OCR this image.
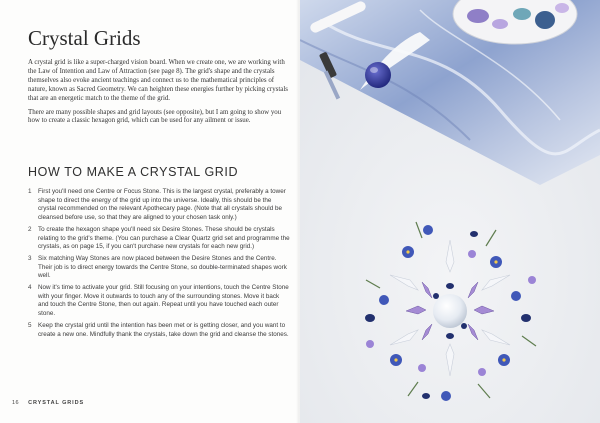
Crystal Grids

A crystal grid is like a super-charged vision board. When we create one, we are working with the Law of Intention and Law of Attraction (see page 8). The grid's shape and the crystals themselves also evoke ancient teachings and connect us to the mathematical principles of nature, known as Sacred Geometry. We can heighten these energies further by picking crystals that are an energetic match to the theme of the grid.

There are many possible shapes and grid layouts (see opposite), but I am going to show you how to create a classic hexagon grid, which can be used for any ailment or issue.

HOW TO MAKE A CRYSTAL GRID
1	First you'll need one Centre or Focus Stone. This is the largest crystal, preferably a tower shape to direct the energy of the grid up into the universe. Ideally, this should be the crystal recommended on the relevant Apothecary page. (Note that all crystals should be cleansed before use, so that they are aligned to your chosen task only.)
2	To create the hexagon shape you'll need six Desire Stones. These should be crystals relating to the grid's theme. (You can purchase a Clear Quartz grid set and programme the crystals, as on page 15, if you can't purchase new crystals for each new grid.)
3	Six matching Way Stones are now placed between the Desire Stones and the Centre. Their job is to direct energy towards the Centre Stone, so double-terminated shapes work well.
4	Now it's time to activate your grid. Still focusing on your intentions, touch the Centre Stone with your finger. Move it outwards to touch any of the surrounding stones. Move it back and touch the Centre Stone, then out again. Repeat until you have touched each outer stone.
5	Keep the crystal grid until the intention has been met or is getting closer, and you want to create a new one. Mindfully thank the crystals, take down the grid and cleanse the stones.
16 CRYSTAL GRIDS
